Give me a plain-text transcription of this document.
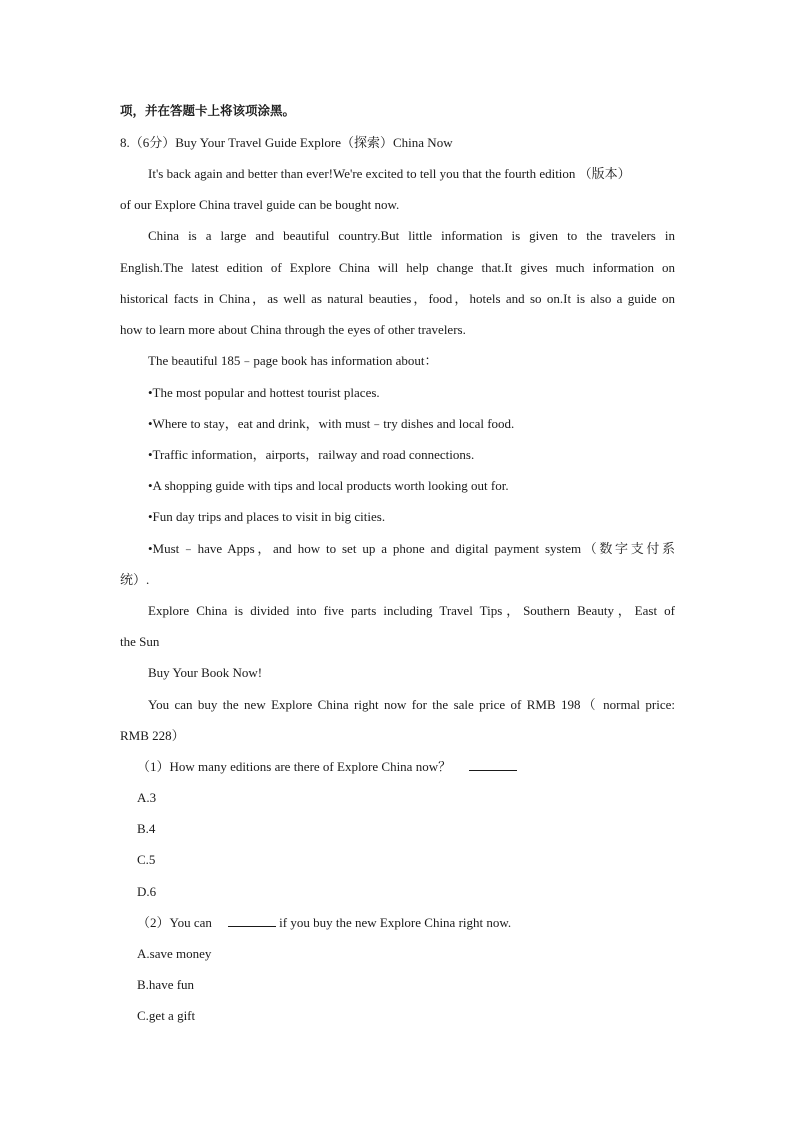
项，并在答题卡上将该项涂黑。
8.（6分）Buy Your Travel Guide Explore（探索）China Now
It's back again and better than ever!We're excited to tell you that the fourth edition （版本）
of our Explore China travel guide can be bought now.
China is a large and beautiful country.But little information is given to the travelers in
English.The latest edition of Explore China will help change that.It gives much information on
historical facts in China，as well as natural beauties，food，hotels and so on.It is also a guide on
how to learn more about China through the eyes of other travelers.
The beautiful 185﹣page book has information about：
•The most popular and hottest tourist places.
•Where to stay，eat and drink，with must﹣try dishes and local food.
•Traffic information，airports，railway and road connections.
•A shopping guide with tips and local products worth looking out for.
•Fun day trips and places to visit in big cities.
•Must﹣have Apps，and how to set up a phone and digital payment system（数字支付系
统）.
Explore China is divided into five parts including Travel Tips，Southern Beauty，East of
the Sun
Buy Your Book Now!
You can buy the new Explore China right now for the sale price of RMB 198（ normal price:
RMB 228）
（1）How many editions are there of Explore China now？
A.3
B.4
C.5
D.6
（2）You can	if you buy the new Explore China right now.
A.save money
B.have fun
C.get a gift
